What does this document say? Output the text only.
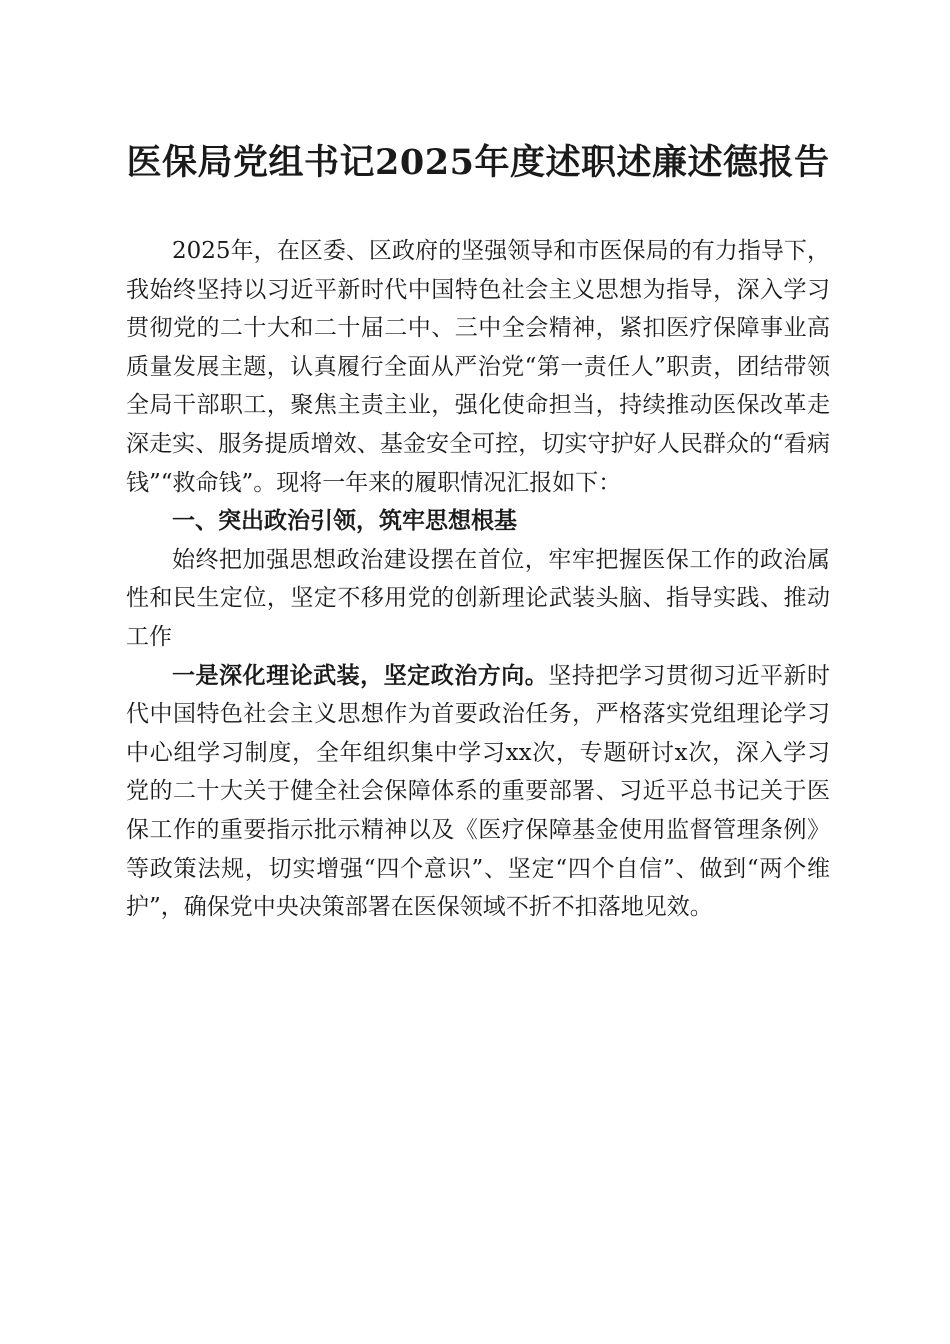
医保局党组书记2025年度述职述廉述德报告

2025年，在区委、区政府的坚强领导和市医保局的有力指导下，我始终坚持以习近平新时代中国特色社会主义思想为指导，深入学习贯彻党的二十大和二十届二中、三中全会精神，紧扣医疗保障事业高质量发展主题，认真履行全面从严治党“第一责任人”职责，团结带领全局干部职工，聚焦主责主业，强化使命担当，持续推动医保改革走深走实、服务提质增效、基金安全可控，切实守护好人民群众的“看病钱”“救命钱”。现将一年来的履职情况汇报如下：

一、突出政治引领，筑牢思想根基

始终把加强思想政治建设摆在首位，牢牢把握医保工作的政治属性和民生定位，坚定不移用党的创新理论武装头脑、指导实践、推动工作

一是深化理论武装，坚定政治方向。坚持把学习贯彻习近平新时代中国特色社会主义思想作为首要政治任务，严格落实党组理论学习中心组学习制度，全年组织集中学习xx次，专题研讨x次，深入学习党的二十大关于健全社会保障体系的重要部署、习近平总书记关于医保工作的重要指示批示精神以及《医疗保障基金使用监督管理条例》等政策法规，切实增强“四个意识”、坚定“四个自信”、做到“两个维护”，确保党中央决策部署在医保领域不折不扣落地见效。
